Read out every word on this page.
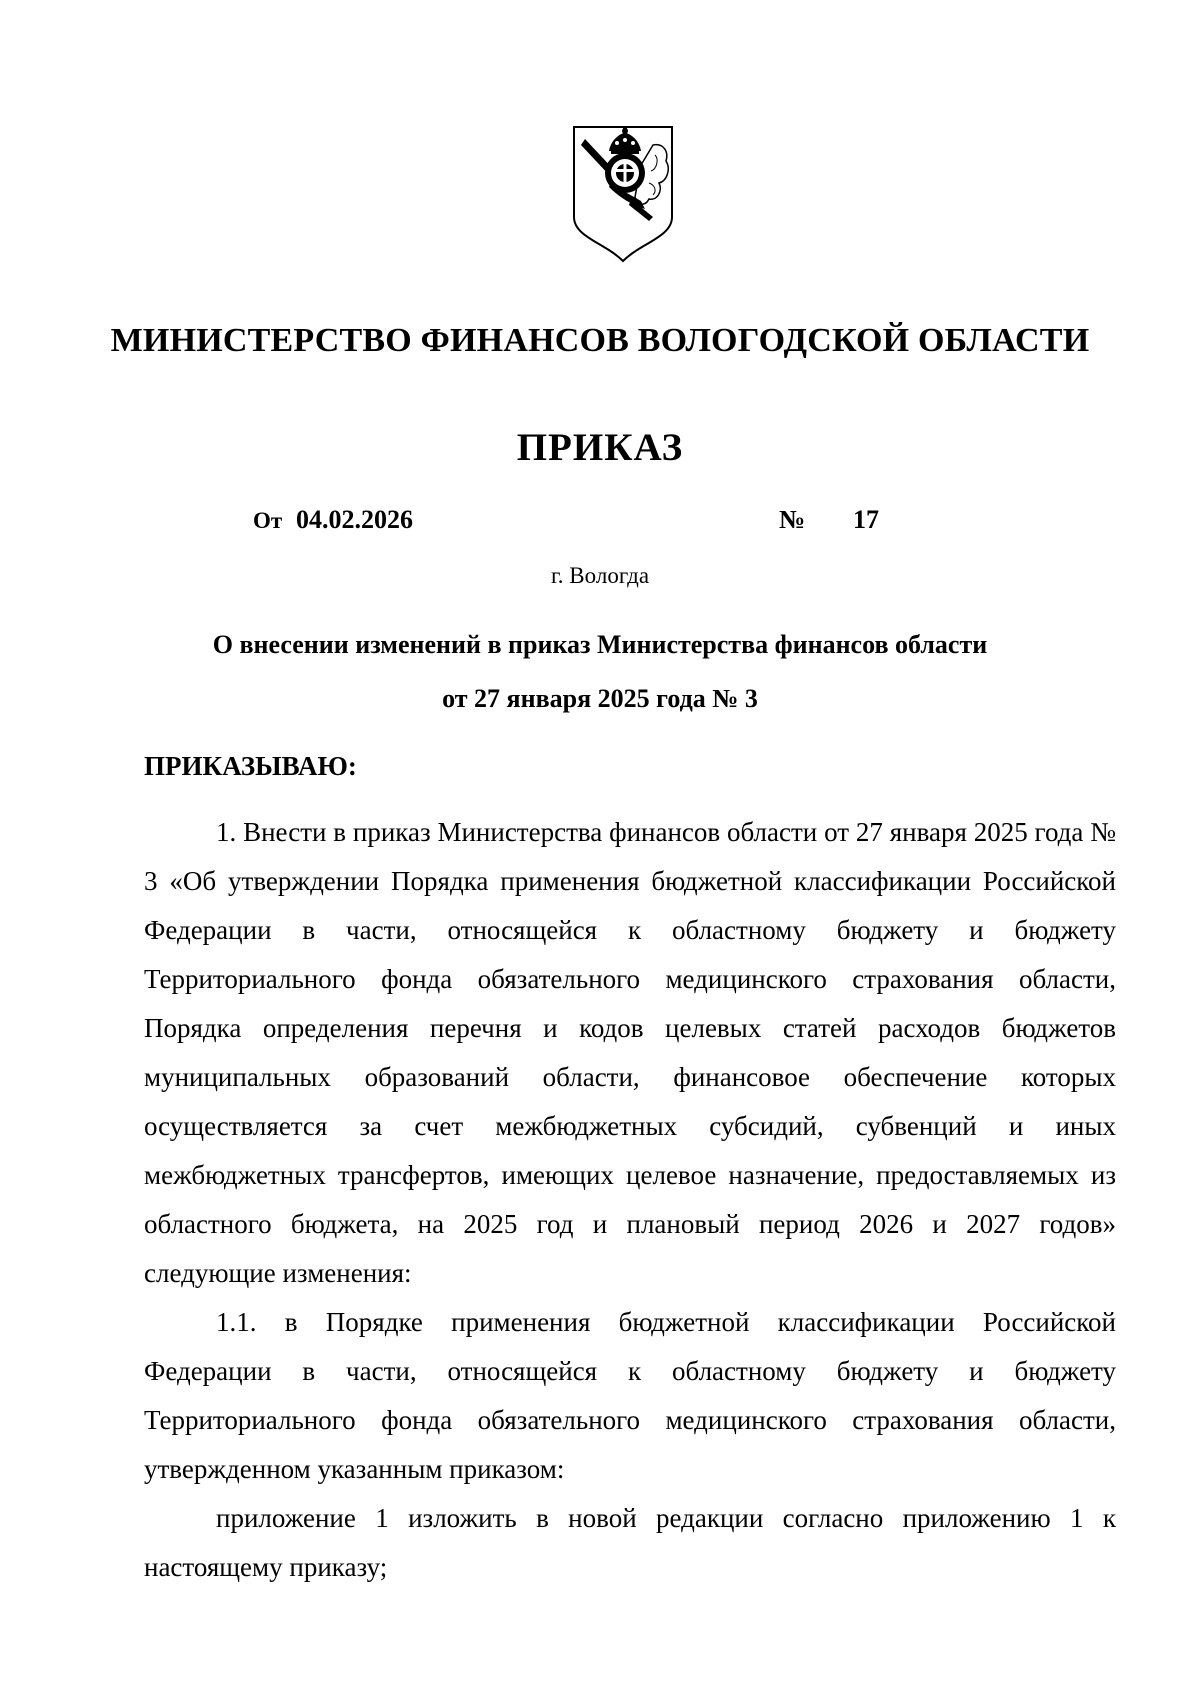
МИНИСТЕРСТВО ФИНАНСОВ ВОЛОГОДСКОЙ ОБЛАСТИ
ПРИКАЗ
От 04.02.2026	№ 17
г. Вологда
О внесении изменений в приказ Министерства финансов области
от 27 января 2025 года № 3
ПРИКАЗЫВАЮ:

1. Внести в приказ Министерства финансов области от 27 января 2025 года № 3 «Об утверждении Порядка применения бюджетной классификации Российской Федерации в части, относящейся к областному бюджету и бюджету Территориального фонда обязательного медицинского страхования области, Порядка определения перечня и кодов целевых статей расходов бюджетов муниципальных образований области, финансовое обеспечение которых осуществляется за счет межбюджетных субсидий, субвенций и иных межбюджетных трансфертов, имеющих целевое назначение, предоставляемых из областного бюджета, на 2025 год и плановый период 2026 и 2027 годов» следующие изменения:

1.1. в Порядке применения бюджетной классификации Российской Федерации в части, относящейся к областному бюджету и бюджету Территориального фонда обязательного медицинского страхования области, утвержденном указанным приказом:

приложение 1 изложить в новой редакции согласно приложению 1 к настоящему приказу;
